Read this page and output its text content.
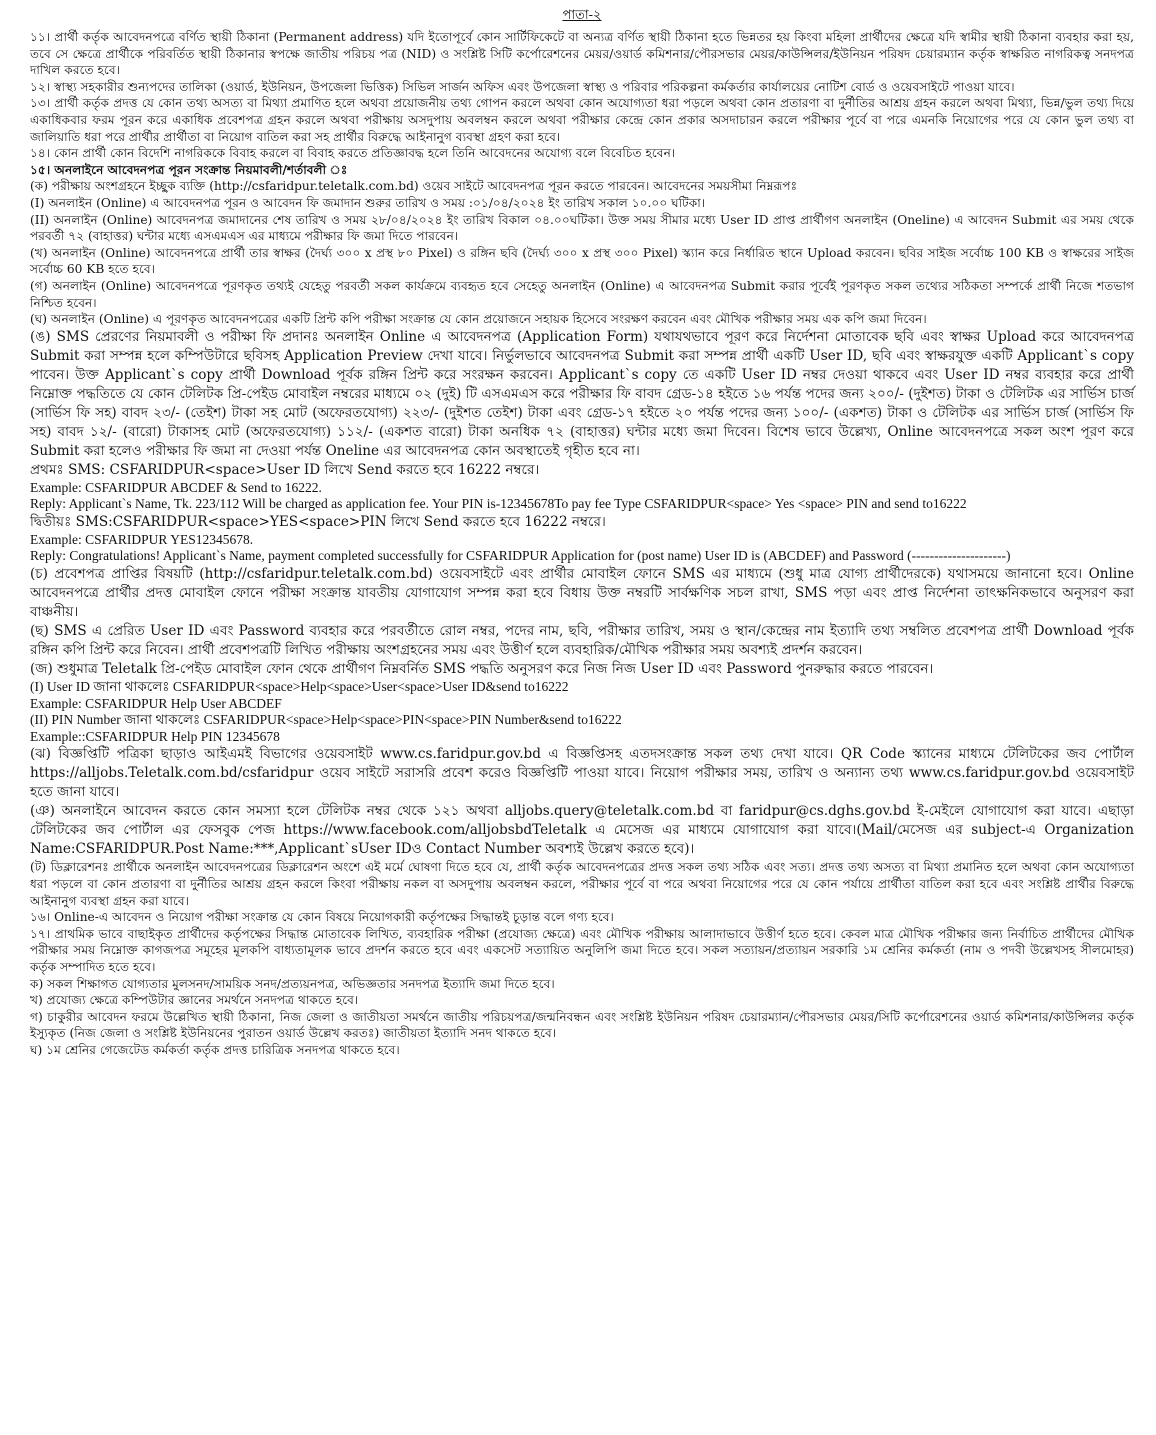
পাতা-২

১১। প্রার্থী কর্তৃক আবেদনপত্রে বর্ণিত স্থায়ী ঠিকানা (Permanent address) যদি ইতোপূর্বে কোন সার্টিফিকেটে বা অন্যত্র বর্ণিত স্থায়ী ঠিকানা হতে ভিন্নতর হয় কিংবা মহিলা প্রার্থীদের ক্ষেত্রে যদি স্বামীর স্থায়ী ঠিকানা ব্যবহার করা হয়, তবে সে ক্ষেত্রে প্রার্থীকে পরিবর্তিত স্থায়ী ঠিকানার স্বপক্ষে জাতীয় পরিচয় পত্র (NID) ও সংশ্লিষ্ট সিটি কর্পোরেশনের মেয়র/ওয়ার্ড কমিশনার/পৌরসভার মেয়র/কাউন্সিলর/ইউনিয়ন পরিষদ চেয়ারম্যান কর্তৃক স্বাক্ষরিত নাগরিকত্ব সনদপত্র দাখিল করতে হবে।

১২। স্বাস্থ্য সহকারীর শুন্যপদের তালিকা (ওয়ার্ড, ইউনিয়ন, উপজেলা ভিত্তিক) সিভিল সার্জন অফিস এবং উপজেলা স্বাস্থ্য ও পরিবার পরিকল্পনা কর্মকর্তার কার্যালয়ের নোটিশ বোর্ড ও ওয়েবসাইটে পাওয়া যাবে।

১৩। প্রার্থী কর্তৃক প্রদত্ত যে কোন তথ্য অসত্য বা মিথ্যা প্রমাণিত হলে অথবা প্রয়োজনীয় তথ্য গোপন করলে অথবা কোন অযোগ্যতা ধরা পড়লে অথবা কোন প্রতারণা বা দুর্নীতির আশ্রয় গ্রহন করলে অথবা মিথ্যা, ভিন্ন/ভুল তথ্য দিয়ে একাধিকবার ফরম পূরন করে একাধিক প্রবেশপত্র গ্রহন করলে অথবা পরীক্ষায় অসদুপায় অবলম্বন করলে অথবা পরীক্ষার কেন্দ্রে কোন প্রকার অসদাচারন করলে পরীক্ষার পূর্বে বা পরে এমনকি নিয়োগের পরে যে কোন ভুল তথ্য বা জালিয়াতি ধরা পরে প্রার্থীর প্রার্থীতা বা নিয়োগ বাতিল করা সহ প্রার্থীর বিরুদ্ধে আইনানুগ ব্যবস্থা গ্রহণ করা হবে।

১৪। কোন প্রার্থী কোন বিদেশি নাগরিককে বিবাহ করলে বা বিবাহ করতে প্রতিজ্ঞাবদ্ধ হলে তিনি আবেদনের অযোগ্য বলে বিবেচিত হবেন।

১৫। অনলাইনে আবেদনপত্র পূরন সংক্রান্ত নিয়মাবলী/শর্তাবলী ঃ

(ক) পরীক্ষায় অংশগ্রহনে ইচ্ছুক ব্যক্তি (http://csfaridpur.teletalk.com.bd) ওয়েব সাইটে আবেদনপত্র পূরন করতে পারবেন। আবেদনের সময়সীমা নিম্নরূপঃ

(I) অনলাইন (Online) এ আবেদনপত্র পূরন ও আবেদন ফি জমাদান শুরুর তারিখ ও সময় :০১/০৪/২০২৪ ইং তারিখ সকাল ১০.০০ ঘটিকা।

(II) অনলাইন (Online) আবেদনপত্র জমাদানের শেষ তারিখ ও সময় ২৮/০৪/২০২৪ ইং তারিখ বিকাল ০৪.০০ঘটিকা। উক্ত সময় সীমার মধ্যে User ID প্রাপ্ত প্রার্থীগণ অনলাইন (Oneline) এ আবেদন Submit এর সময় থেকে পরবর্তী ৭২ (বাহাত্তর) ঘন্টার মধ্যে এসএমএস এর মাধ্যমে পরীক্ষার ফি জমা দিতে পারবেন।

(খ) অনলাইন (Online) আবেদনপত্রে প্রার্থী তার স্বাক্ষর (দৈর্ঘ্য ৩০০ x প্রস্থ ৮০ Pixel) ও রঙ্গিন ছবি (দৈর্ঘ্য ৩০০ x প্রস্থ ৩০০ Pixel) স্ক্যান করে নির্ধারিত স্থানে Upload করবেন। ছবির সাইজ সর্বোচ্চ 100 KB ও স্বাক্ষরের সাইজ সর্বোচ্চ 60 KB হতে হবে।

(গ) অনলাইন (Online) আবেদনপত্রে পূরণকৃত তথ্যই যেহেতু পরবর্তী সকল কার্যক্রমে ব্যবহৃত হবে সেহেতু অনলাইন (Online) এ আবেদনপত্র Submit করার পূর্বেই পূরণকৃত সকল তথ্যের সঠিকতা সম্পর্কে প্রার্থী নিজে শতভাগ নিশ্চিত হবেন।

(ঘ) অনলাইন (Online) এ পূরণকৃত আবেদনপত্রের একটি প্রিন্ট কপি পরীক্ষা সংক্রান্ত যে কোন প্রয়োজনে সহায়ক হিসেবে সংরক্ষণ করবেন এবং মৌখিক পরীক্ষার সময় এক কপি জমা দিবেন।

(ঙ) SMS প্রেরণের নিয়মাবলী ও পরীক্ষা ফি প্রদানঃ অনলাইন Online এ আবেদনপত্র (Application Form) যথাযথভাবে পূরণ করে নির্দেশনা মোতাবেক ছবি এবং স্বাক্ষর Upload করে আবেদনপত্র Submit করা সম্পন্ন হলে কম্পিউটারে ছবিসহ Application Preview দেখা যাবে। নির্ভুলভাবে আবেদনপত্র Submit করা সম্পন্ন প্রার্থী একটি User ID, ছবি এবং স্বাক্ষরযুক্ত একটি Applicant`s copy পাবেন। উক্ত Applicant`s copy প্রার্থী Download পূর্বক রঙ্গিন প্রিন্ট করে সংরক্ষন করবেন। Applicant`s copy তে একটি User ID নম্বর দেওয়া থাকবে এবং User ID নম্বর ব্যবহার করে প্রার্থী নিম্নোক্ত পদ্ধতিতে যে কোন টেলিটক প্রি-পেইড মোবাইল নম্বরের মাধ্যমে ০২ (দুই) টি এসএমএস করে পরীক্ষার ফি বাবদ গ্রেড-১৪ হইতে ১৬ পর্যন্ত পদের জন্য ২০০/- (দুইশত) টাকা ও টেলিটক এর সার্ভিস চার্জ (সার্ভিস ফি সহ) বাবদ ২৩/- (তেইশ) টাকা সহ মোট (অফেরতযোগ্য) ২২৩/- (দুইশত তেইশ) টাকা এবং গ্রেড-১৭ হইতে ২০ পর্যন্ত পদের জন্য ১০০/- (একশত) টাকা ও টেলিটক এর সার্ভিস চার্জ (সার্ভিস ফি সহ) বাবদ ১২/- (বারো) টাকাসহ মোট (অফেরতযোগ্য) ১১২/- (একশত বারো) টাকা অনধিক ৭২ (বাহাত্তর) ঘন্টার মধ্যে জমা দিবেন। বিশেষ ভাবে উল্লেখ্য, Online আবেদনপত্রে সকল অংশ পূরণ করে Submit করা হলেও পরীক্ষার ফি জমা না দেওয়া পর্যন্ত Oneline এর আবেদনপত্র কোন অবস্থাতেই গৃহীত হবে না।

প্রথমঃ SMS: CSFARIDPUR<space>User ID লিখে Send করতে হবে 16222 নম্বরে।

Example: CSFARIDPUR ABCDEF & Send to 16222.

Reply: Applicant`s Name, Tk. 223/112 Will be charged as application fee. Your PIN is-12345678To pay fee Type CSFARIDPUR<space> Yes <space> PIN and send to16222

দ্বিতীয়ঃ SMS:CSFARIDPUR<space>YES<space>PIN লিখে Send করতে হবে 16222 নম্বরে।

Example: CSFARIDPUR YES12345678.

Reply: Congratulations! Applicant`s Name, payment completed successfully for CSFARIDPUR Application for (post name) User ID is (ABCDEF) and Password (---------------------)

(চ) প্রবেশপত্র প্রাপ্তির বিষয়টি (http://csfaridpur.teletalk.com.bd) ওয়েবসাইটে এবং প্রার্থীর মোবাইল ফোনে SMS এর মাধ্যমে (শুধু মাত্র যোগ্য প্রার্থীদেরকে) যথাসময়ে জানানো হবে। Online আবেদনপত্রে প্রার্থীর প্রদত্ত মোবাইল ফোনে পরীক্ষা সংক্রান্ত যাবতীয় যোগাযোগ সম্পন্ন করা হবে বিধায় উক্ত নম্বরটি সার্বক্ষণিক সচল রাখা, SMS পড়া এবং প্রাপ্ত নির্দেশনা তাৎক্ষনিকভাবে অনুসরণ করা বাঞ্চনীয়।

(ছ) SMS এ প্রেরিত User ID এবং Password ব্যবহার করে পরবর্তীতে রোল নম্বর, পদের নাম, ছবি, পরীক্ষার তারিখ, সময় ও স্থান/কেন্দ্রের নাম ইত্যাদি তথ্য সম্বলিত প্রবেশপত্র প্রার্থী Download পূর্বক রঙ্গিন কপি প্রিন্ট করে নিবেন। প্রার্থী প্রবেশপত্রটি লিখিত পরীক্ষায় অংশগ্রহনের সময় এবং উত্তীর্ণ হলে ব্যবহারিক/মৌখিক পরীক্ষার সময় অবশ্যই প্রদর্শন করবেন।

(জ) শুধুমাত্র Teletalk প্রি-পেইড মোবাইল ফোন থেকে প্রার্থীগণ নিম্নবর্নিত SMS পদ্ধতি অনুসরণ করে নিজ নিজ User ID এবং Password পুনরুদ্ধার করতে পারবেন।

(I) User ID জানা থাকলেঃ CSFARIDPUR<space>Help<space>User<space>User ID&send to16222

Example: CSFARIDPUR Help User ABCDEF

(II) PIN Number জানা থাকলেঃ CSFARIDPUR<space>Help<space>PIN<space>PIN Number&send to16222

Example::CSFARIDPUR Help PIN 12345678

(ঝ) বিজ্ঞপ্তিটি পত্রিকা ছাড়াও আইএমই বিভাগের ওয়েবসাইট www.cs.faridpur.gov.bd এ বিজ্ঞপ্তিসহ এতদসংক্রান্ত সকল তথ্য দেখা যাবে। QR Code স্ক্যানের মাধ্যমে টেলিটকের জব পোর্টাল https://alljobs.Teletalk.com.bd/csfaridpur ওয়েব সাইটে সরাসরি প্রবেশ করেও বিজ্ঞপ্তিটি পাওয়া যাবে। নিয়োগ পরীক্ষার সময়, তারিখ ও অন্যান্য তথ্য www.cs.faridpur.gov.bd ওয়েবসাইট হতে জানা যাবে।

(ঞ) অনলাইনে আবেদন করতে কোন সমস্যা হলে টেলিটক নম্বর থেকে ১২১ অথবা alljobs.query@teletalk.com.bd বা faridpur@cs.dghs.gov.bd ই-মেইলে যোগাযোগ করা যাবে। এছাড়া টেলিটকের জব পোর্টাল এর ফেসবুক পেজ https://www.facebook.com/alljobsbdTeletalk এ মেসেজ এর মাধ্যমে যোগাযোগ করা যাবে।(Mail/মেসেজ এর subject-এ Organization Name:CSFARIDPUR.Post Name:***,Applicant`sUser IDও Contact Number অবশ্যই উল্লেখ করতে হবে)।

(ট) ডিক্লারেশনঃ প্রার্থীকে অনলাইন আবেদনপত্রের ডিক্লারেশন অংশে এই মর্মে ঘোষণা দিতে হবে যে, প্রার্থী কর্তৃক আবেদনপত্রের প্রদত্ত সকল তথ্য সঠিক এবং সত্য। প্রদত্ত তথ্য অসত্য বা মিথ্যা প্রমানিত হলে অথবা কোন অযোগ্যতা ধরা পড়লে বা কোন প্রতারণা বা দুর্নীতির আশ্রয় গ্রহন করলে কিংবা পরীক্ষায় নকল বা অসদুপায় অবলম্বন করলে, পরীক্ষার পূর্বে বা পরে অথবা নিয়োগের পরে যে কোন পর্যায়ে প্রার্থীতা বাতিল করা হবে এবং সংশ্লিষ্ট প্রার্থীর বিরুদ্ধে আইনানুগ ব্যবস্থা গ্রহন করা যাবে।

১৬। Online-এ আবেদন ও নিয়োগ পরীক্ষা সংক্রান্ত যে কোন বিষয়ে নিয়োগকারী কর্তৃপক্ষের সিদ্ধান্তই চূড়ান্ত বলে গণ্য হবে।

১৭। প্রাথমিক ভাবে বাছাইকৃত প্রার্থীদের কর্তৃপক্ষের সিদ্ধান্ত মোতাবেক লিখিত, ব্যবহারিক পরীক্ষা (প্রযোজ্য ক্ষেত্রে) এবং মৌখিক পরীক্ষায় আলাদাভাবে উত্তীর্ণ হতে হবে। কেবল মাত্র মৌখিক পরীক্ষার জন্য নির্বাচিত প্রার্থীদের মৌখিক পরীক্ষার সময় নিম্নোক্ত কাগজপত্র সমূহের মূলকপি বাধ্যতামূলক ভাবে প্রদর্শন করতে হবে এবং একসেট সত্যায়িত অনুলিপি জমা দিতে হবে। সকল সত্যায়ন/প্রত্যায়ন সরকারি ১ম শ্রেনির কর্মকর্তা (নাম ও পদবী উল্লেখসহ সীলমোহর) কর্তৃক সম্পাদিত হতে হবে।

ক) সকল শিক্ষাগত যোগ্যতার মুলসনদ/সাময়িক সনদ/প্রত্যয়নপত্র, অভিজ্ঞতার সনদপত্র ইত্যাদি জমা দিতে হবে।

খ) প্রযোজ্য ক্ষেত্রে কম্পিউটার জ্ঞানের সমর্থনে সনদপত্র থাকতে হবে।

গ) চাকুরীর আবেদন ফরমে উল্লেখিত স্থায়ী ঠিকানা, নিজ জেলা ও জাতীয়তা সমর্থনে জাতীয় পরিচয়পত্র/জন্মনিবন্ধন এবং সংশ্লিষ্ট ইউনিয়ন পরিষদ চেয়ারম্যান/পৌরসভার মেয়র/সিটি কর্পোরেশনের ওয়ার্ড কমিশনার/কাউন্সিলর কর্তৃক ইস্যুকৃত (নিজ জেলা ও সংশ্লিষ্ট ইউনিয়নের পুরাতন ওয়ার্ড উল্লেখ করতঃ) জাতীয়তা ইত্যাদি সনদ থাকতে হবে।

ঘ) ১ম শ্রেনির গেজেটেড কর্মকর্তা কর্তৃক প্রদত্ত চারিত্রিক সনদপত্র থাকতে হবে।
